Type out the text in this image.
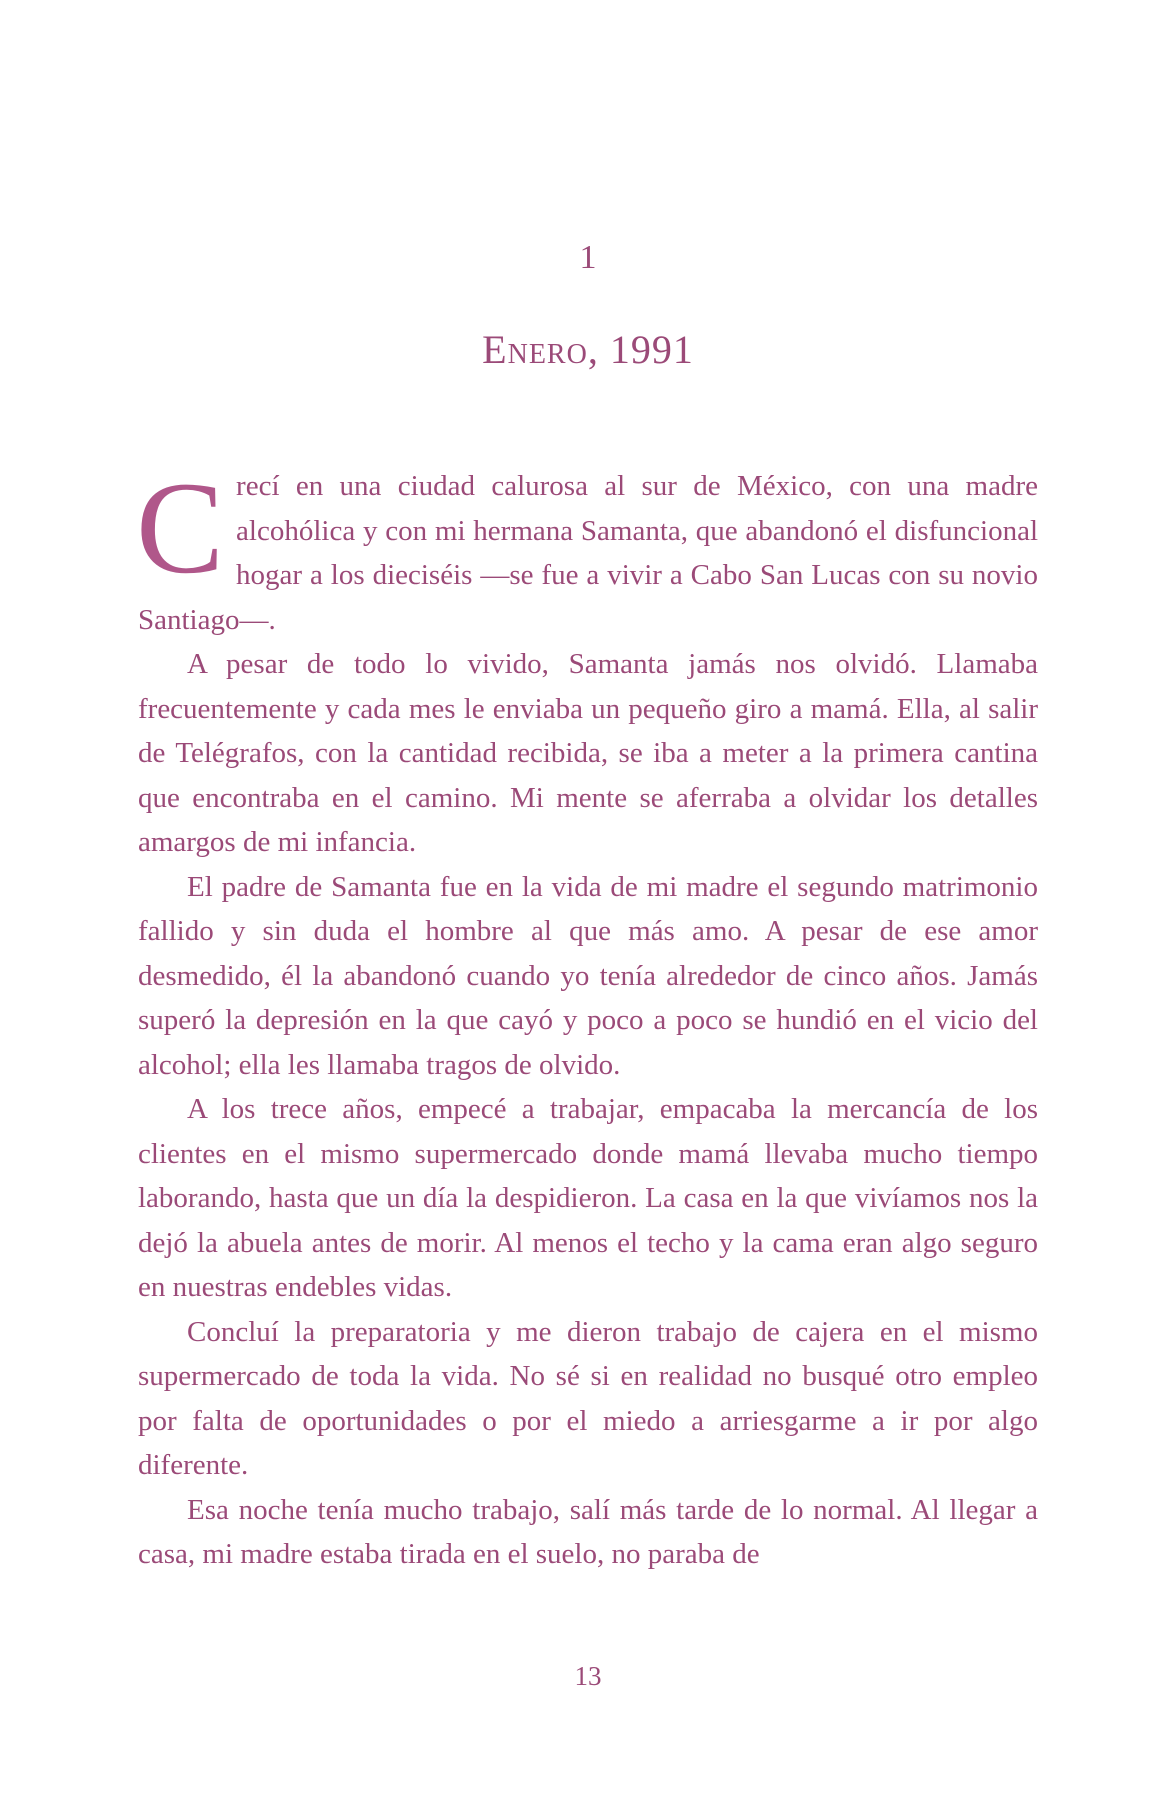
1
Enero, 1991

Crecí en una ciudad calurosa al sur de México, con una madre alcohólica y con mi hermana Samanta, que abandonó el disfuncional hogar a los dieciséis —se fue a vivir a Cabo San Lucas con su novio Santiago—.

A pesar de todo lo vivido, Samanta jamás nos olvidó. Llamaba frecuentemente y cada mes le enviaba un pequeño giro a mamá. Ella, al salir de Telégrafos, con la cantidad recibida, se iba a meter a la primera cantina que encontraba en el camino. Mi mente se aferraba a olvidar los detalles amargos de mi infancia.

El padre de Samanta fue en la vida de mi madre el segundo matrimonio fallido y sin duda el hombre al que más amo. A pesar de ese amor desmedido, él la abandonó cuando yo tenía alrededor de cinco años. Jamás superó la depresión en la que cayó y poco a poco se hundió en el vicio del alcohol; ella les llamaba tragos de olvido.

A los trece años, empecé a trabajar, empacaba la mercancía de los clientes en el mismo supermercado donde mamá llevaba mucho tiempo laborando, hasta que un día la despidieron. La casa en la que vivíamos nos la dejó la abuela antes de morir. Al menos el techo y la cama eran algo seguro en nuestras endebles vidas.

Concluí la preparatoria y me dieron trabajo de cajera en el mismo supermercado de toda la vida. No sé si en realidad no busqué otro empleo por falta de oportunidades o por el miedo a arriesgarme a ir por algo diferente.

Esa noche tenía mucho trabajo, salí más tarde de lo normal. Al llegar a casa, mi madre estaba tirada en el suelo, no paraba de

13
